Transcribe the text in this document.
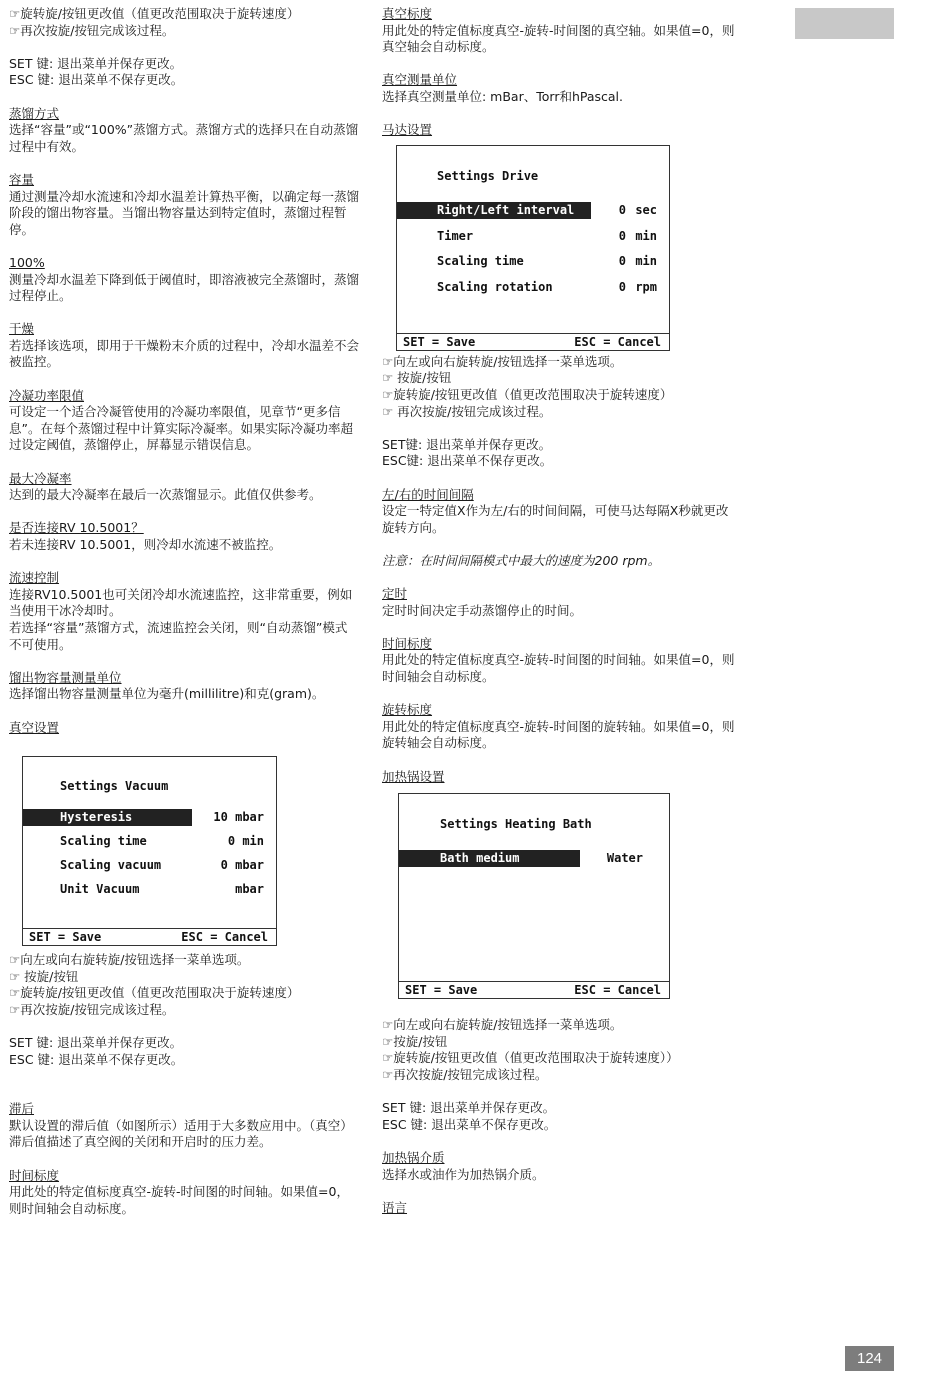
☞旋转旋/按钮更改值（值更改范围取决于旋转速度）

☞再次按旋/按钮完成该过程。

SET 键: 退出菜单并保存更改。

ESC 键: 退出菜单不保存更改。

蒸馏方式

选择“容量”或“100%”蒸馏方式。蒸馏方式的选择只在自动蒸馏过程中有效。

容量

通过测量冷却水流速和冷却水温差计算热平衡，以确定每一蒸馏阶段的馏出物容量。当馏出物容量达到特定值时，蒸馏过程暂停。

100%

测量冷却水温差下降到低于阈值时，即溶液被完全蒸馏时，蒸馏过程停止。

干燥

若选择该选项，即用于干燥粉末介质的过程中，冷却水温差不会被监控。

冷凝功率限值

可设定一个适合冷凝管使用的冷凝功率限值，见章节“更多信息”。在每个蒸馏过程中计算实际冷凝率。如果实际冷凝功率超过设定阈值，蒸馏停止，屏幕显示错误信息。

最大冷凝率

达到的最大冷凝率在最后一次蒸馏显示。此值仅供参考。

是否连接RV 10.5001？

若未连接RV 10.5001，则冷却水流速不被监控。

流速控制

连接RV10.5001也可关闭冷却水流速监控，这非常重要，例如当使用干冰冷却时。

若选择“容量”蒸馏方式，流速监控会关闭，则“自动蒸馏”模式不可使用。

馏出物容量测量单位

选择馏出物容量测量单位为毫升(millilitre)和克(gram)。

真空设置

Settings Vacuum
Hysteresis	10 mbar
Scaling time	0 min
Scaling vacuum	0 mbar
Unit Vacuum	mbar
SET = Save	ESC = Cancel

☞向左或向右旋转旋/按钮选择一菜单选项。

☞ 按旋/按钮

☞旋转旋/按钮更改值（值更改范围取决于旋转速度）

☞再次按旋/按钮完成该过程。

SET 键: 退出菜单并保存更改。

ESC 键: 退出菜单不保存更改。

滞后

默认设置的滞后值（如图所示）适用于大多数应用中。（真空）滞后值描述了真空阀的关闭和开启时的压力差。

时间标度

用此处的特定值标度真空-旋转-时间图的时间轴。如果值=0，则时间轴会自动标度。

真空标度

用此处的特定值标度真空-旋转-时间图的真空轴。如果值=0，则真空轴会自动标度。

真空测量单位

选择真空测量单位: mBar、Torr和hPascal.

马达设置

Settings Drive
Right/Left interval	0 sec
Timer	0 min
Scaling time	0 min
Scaling rotation	0 rpm
SET = Save	ESC = Cancel

☞向左或向右旋转旋/按钮选择一菜单选项。

☞ 按旋/按钮

☞旋转旋/按钮更改值（值更改范围取决于旋转速度）

☞ 再次按旋/按钮完成该过程。

SET键: 退出菜单并保存更改。

ESC键: 退出菜单不保存更改。

左/右的时间间隔

设定一特定值X作为左/右的时间间隔，可使马达每隔X秒就更改旋转方向。

注意：在时间间隔模式中最大的速度为200 rpm。

定时

定时时间决定手动蒸馏停止的时间。

时间标度

用此处的特定值标度真空-旋转-时间图的时间轴。如果值=0，则时间轴会自动标度。

旋转标度

用此处的特定值标度真空-旋转-时间图的旋转轴。如果值=0，则旋转轴会自动标度。

加热锅设置

Settings Heating Bath
Bath medium	Water
SET = Save	ESC = Cancel

☞向左或向右旋转旋/按钮选择一菜单选项。

☞按旋/按钮

☞旋转旋/按钮更改值（值更改范围取决于旋转速度））

☞再次按旋/按钮完成该过程。

SET 键: 退出菜单并保存更改。

ESC 键: 退出菜单不保存更改。

加热锅介质

选择水或油作为加热锅介质。

语言

124
